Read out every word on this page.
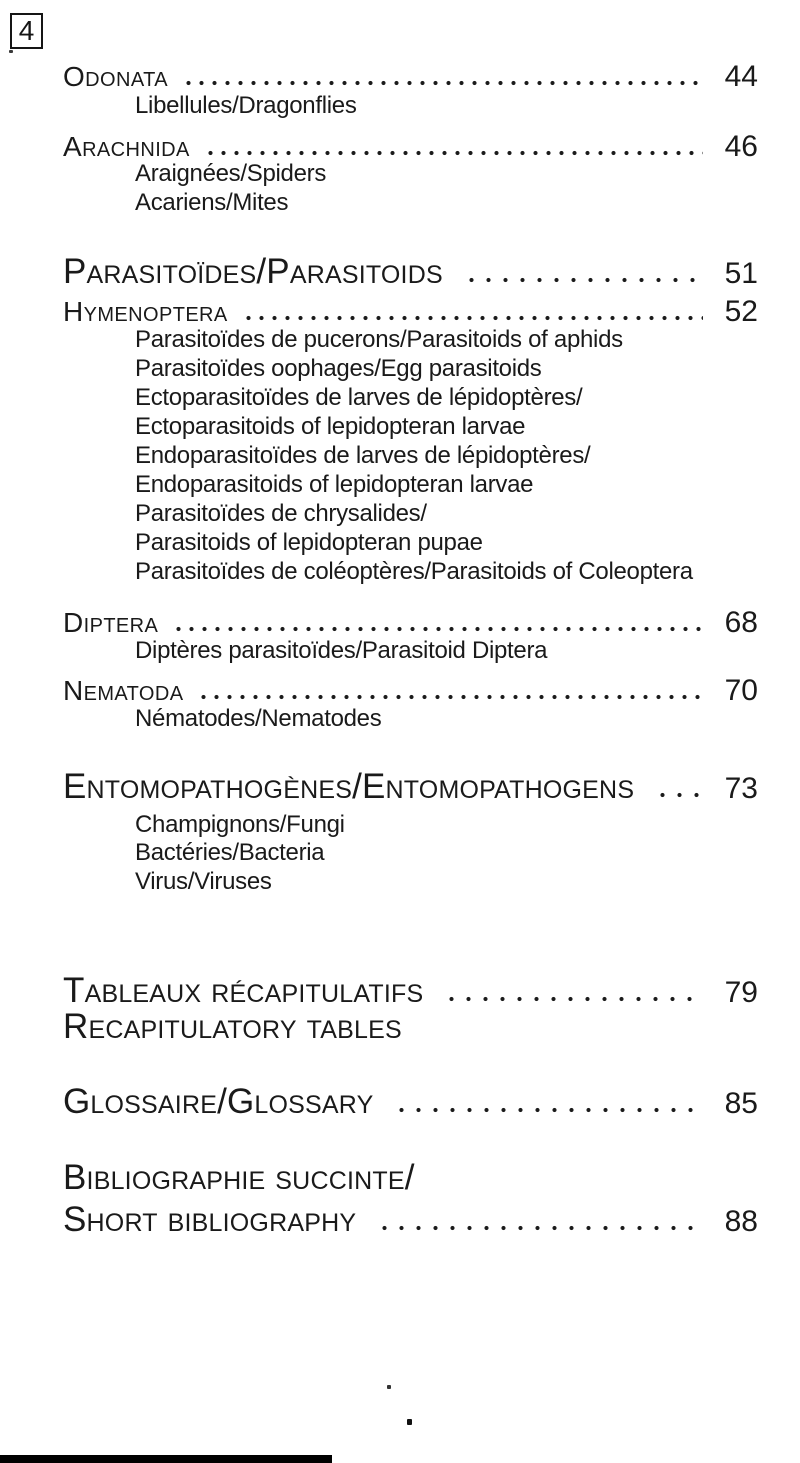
4
Odonata	44
Libellules/Dragonflies
Arachnida	46
Araignées/Spiders
Acariens/Mites
Parasitoïdes/Parasitoids	51
Hymenoptera	52
Parasitoïdes de pucerons/Parasitoids of aphids
Parasitoïdes oophages/Egg parasitoids
Ectoparasitoïdes de larves de lépidoptères/
Ectoparasitoids of lepidopteran larvae
Endoparasitoïdes de larves de lépidoptères/
Endoparasitoids of lepidopteran larvae
Parasitoïdes de chrysalides/
Parasitoids of lepidopteran pupae
Parasitoïdes de coléoptères/Parasitoids of Coleoptera
Diptera	68
Diptères parasitoïdes/Parasitoid Diptera
Nematoda	70
Nématodes/Nematodes
Entomopathogènes/Entomopathogens	73
Champignons/Fungi
Bactéries/Bacteria
Virus/Viruses
Tableaux récapitulatifs	79
Recapitulatory tables
Glossaire/Glossary	85
Bibliographie succinte/
Short bibliography	88
